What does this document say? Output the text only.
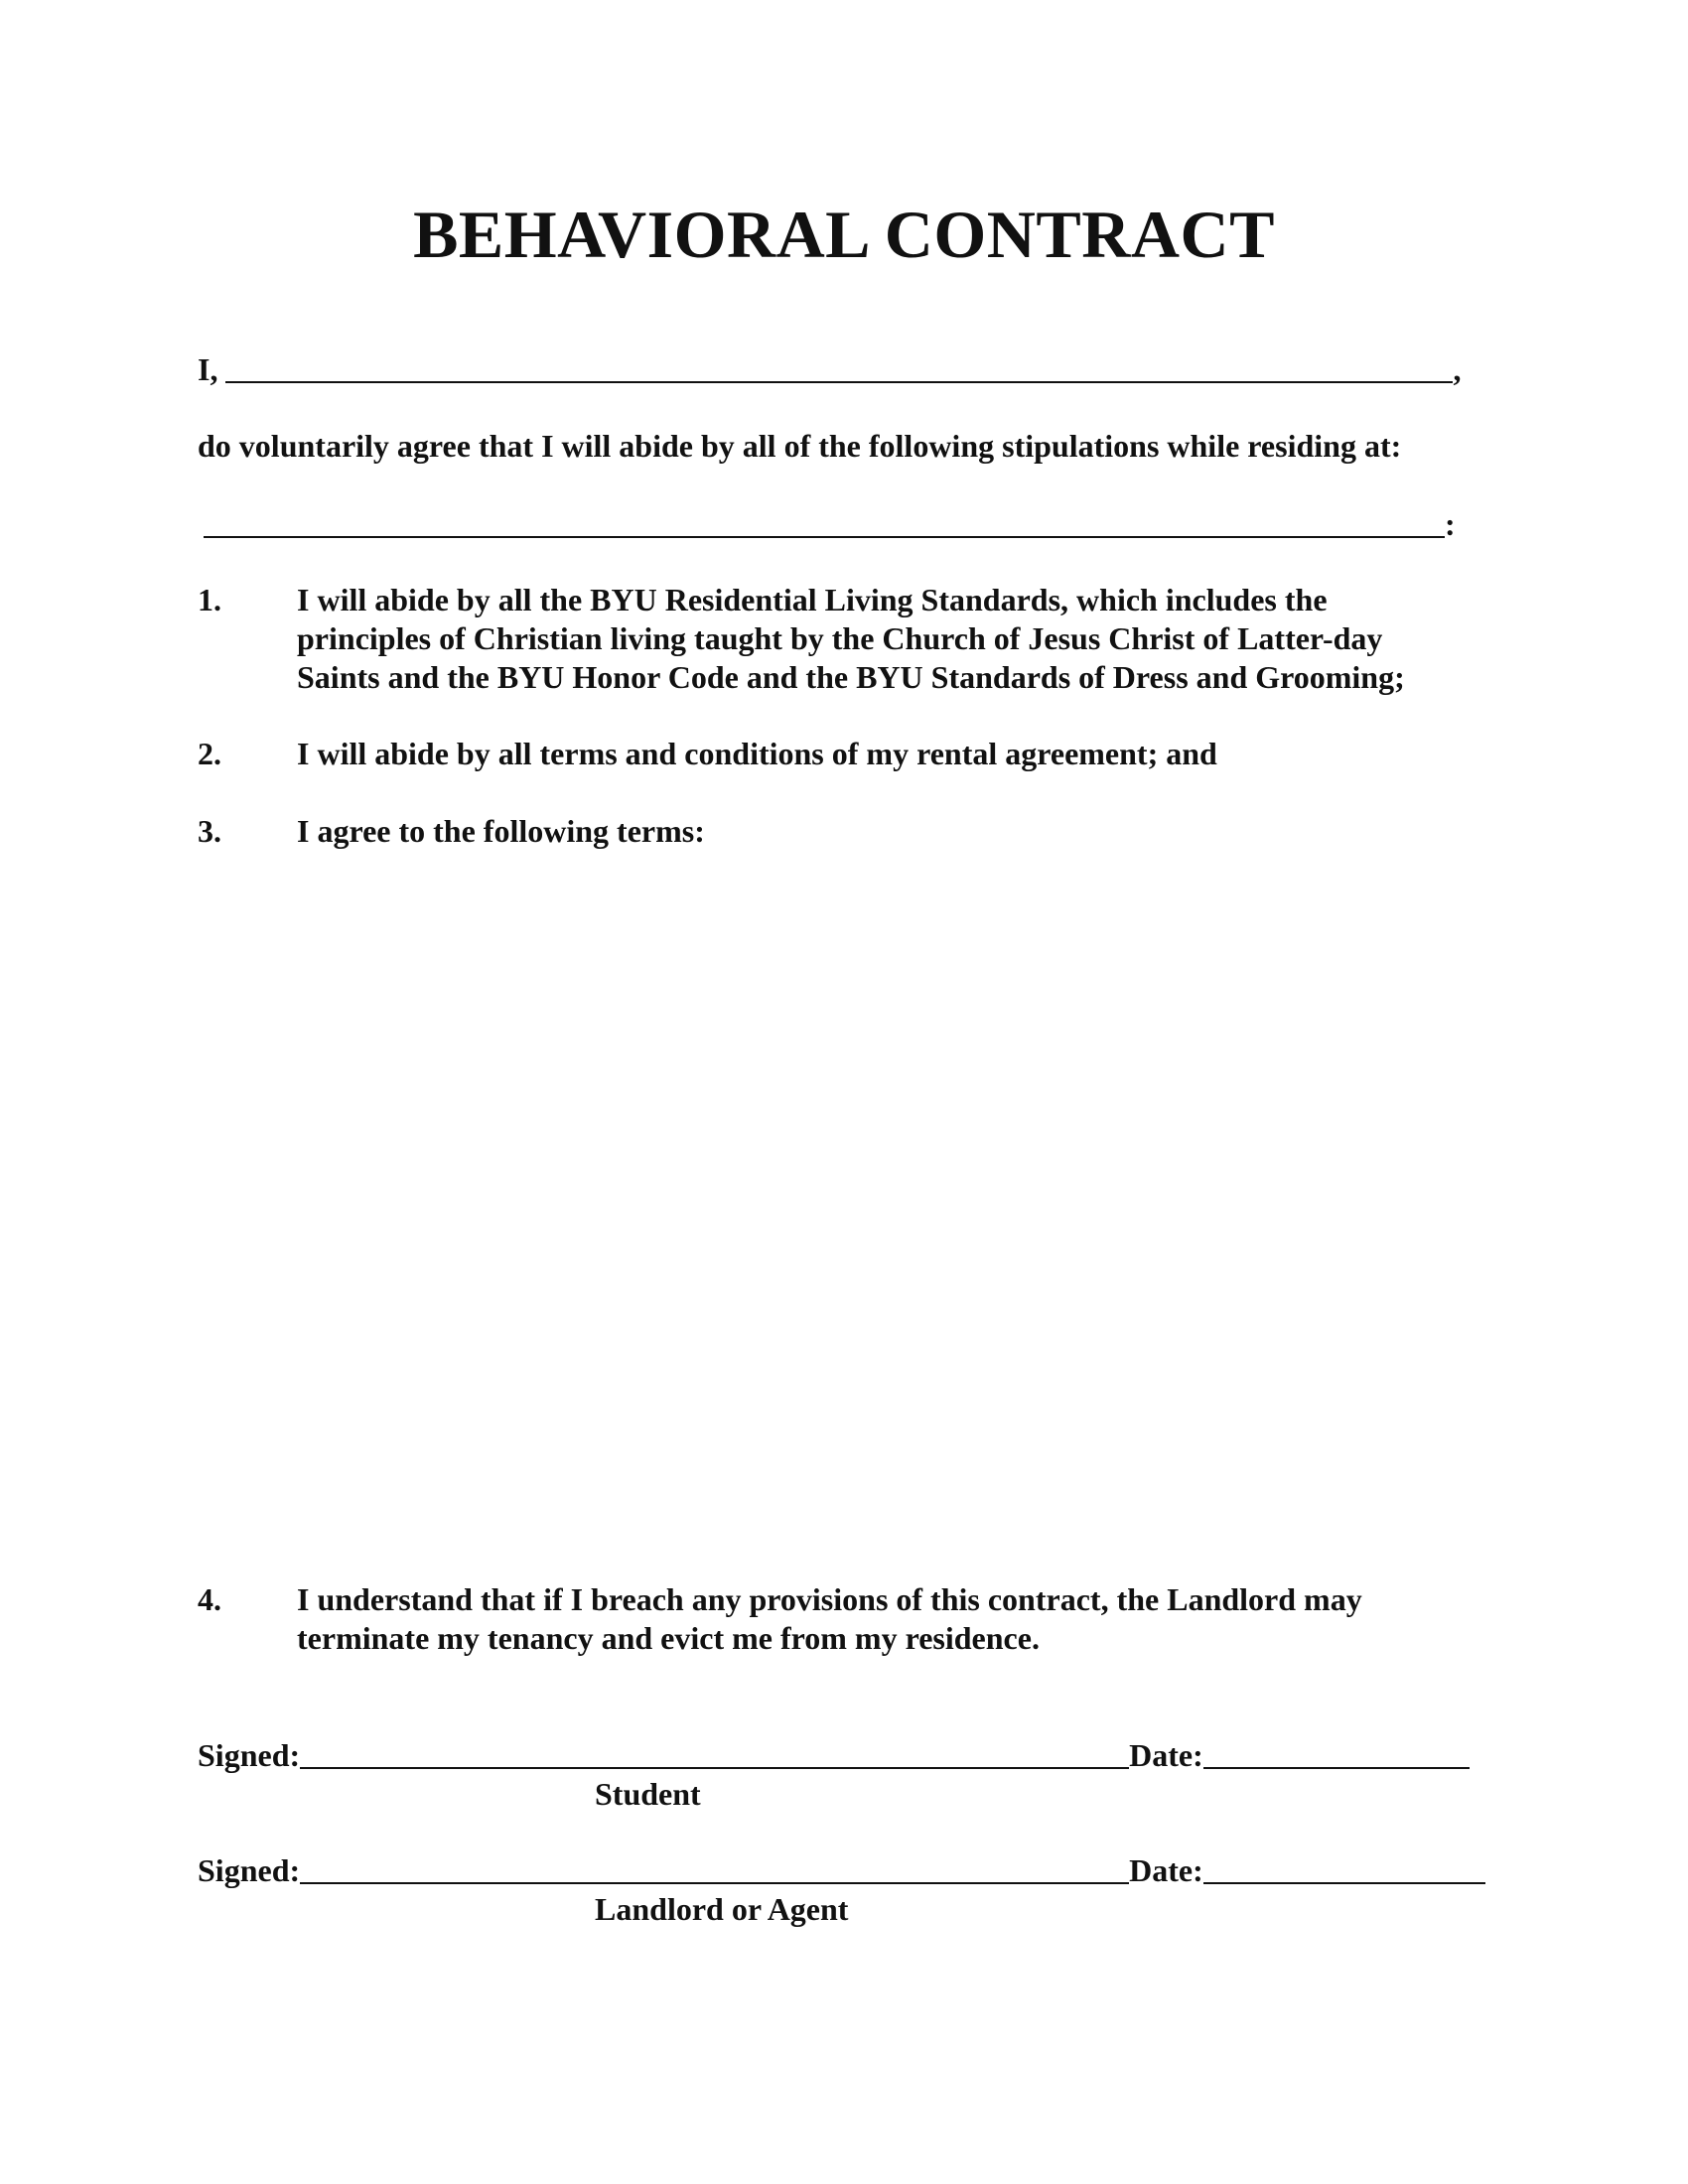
BEHAVIORAL CONTRACT
I,	,
do voluntarily agree that I will abide by all of the following stipulations while residing at:
:
1.	I will abide by all the BYU Residential Living Standards, which includes the
principles of Christian living taught by the Church of Jesus Christ of Latter-day
Saints and the BYU Honor Code and the BYU Standards of Dress and Grooming;
2.	I will abide by all terms and conditions of my rental agreement; and
3.	I agree to the following terms:
4.	I understand that if I breach any provisions of this contract, the Landlord may
terminate my tenancy and evict me from my residence.
Signed:	Date:
Student
Signed:	Date:
Landlord or Agent
